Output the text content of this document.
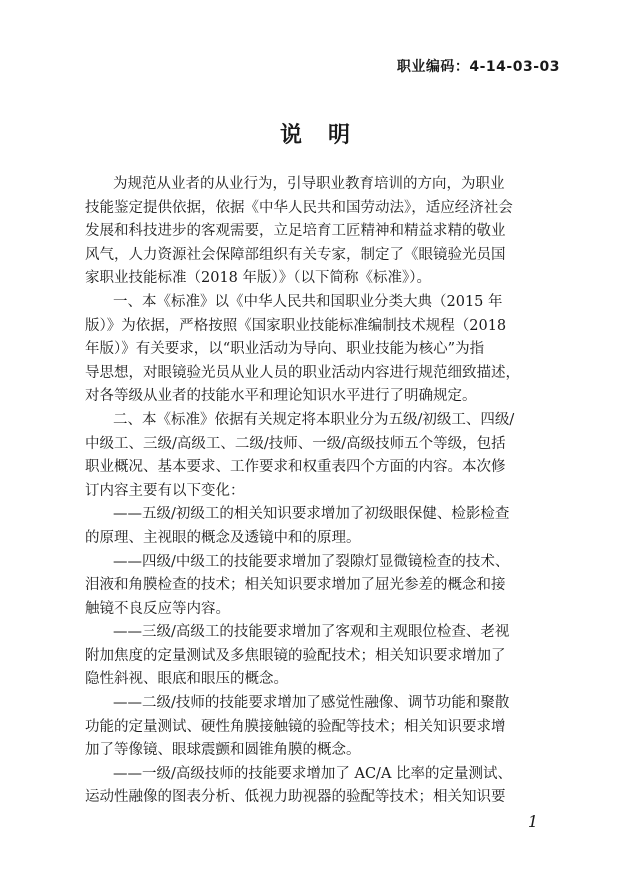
职业编码：4-14-03-03
说明
为规范从业者的从业行为，引导职业教育培训的方向，为职业
技能鉴定提供依据，依据《中华人民共和国劳动法》，适应经济社会
发展和科技进步的客观需要，立足培育工匠精神和精益求精的敬业
风气，人力资源社会保障部组织有关专家，制定了《眼镜验光员国
家职业技能标准（2018 年版）》（以下简称《标准》）。
一、本《标准》以《中华人民共和国职业分类大典（2015 年
版）》为依据，严格按照《国家职业技能标准编制技术规程（2018
年版）》有关要求，以“职业活动为导向、职业技能为核心”为指
导思想，对眼镜验光员从业人员的职业活动内容进行规范细致描述，
对各等级从业者的技能水平和理论知识水平进行了明确规定。
二、本《标准》依据有关规定将本职业分为五级/初级工、四级/
中级工、三级/高级工、二级/技师、一级/高级技师五个等级，包括
职业概况、基本要求、工作要求和权重表四个方面的内容。本次修
订内容主要有以下变化：
——五级/初级工的相关知识要求增加了初级眼保健、检影检查
的原理、主视眼的概念及透镜中和的原理。
——四级/中级工的技能要求增加了裂隙灯显微镜检查的技术、
泪液和角膜检查的技术；相关知识要求增加了屈光参差的概念和接
触镜不良反应等内容。
——三级/高级工的技能要求增加了客观和主观眼位检查、老视
附加焦度的定量测试及多焦眼镜的验配技术；相关知识要求增加了
隐性斜视、眼底和眼压的概念。
——二级/技师的技能要求增加了感觉性融像、调节功能和聚散
功能的定量测试、硬性角膜接触镜的验配等技术；相关知识要求增
加了等像镜、眼球震颤和圆锥角膜的概念。
——一级/高级技师的技能要求增加了 AC/A 比率的定量测试、
运动性融像的图表分析、低视力助视器的验配等技术；相关知识要
1
